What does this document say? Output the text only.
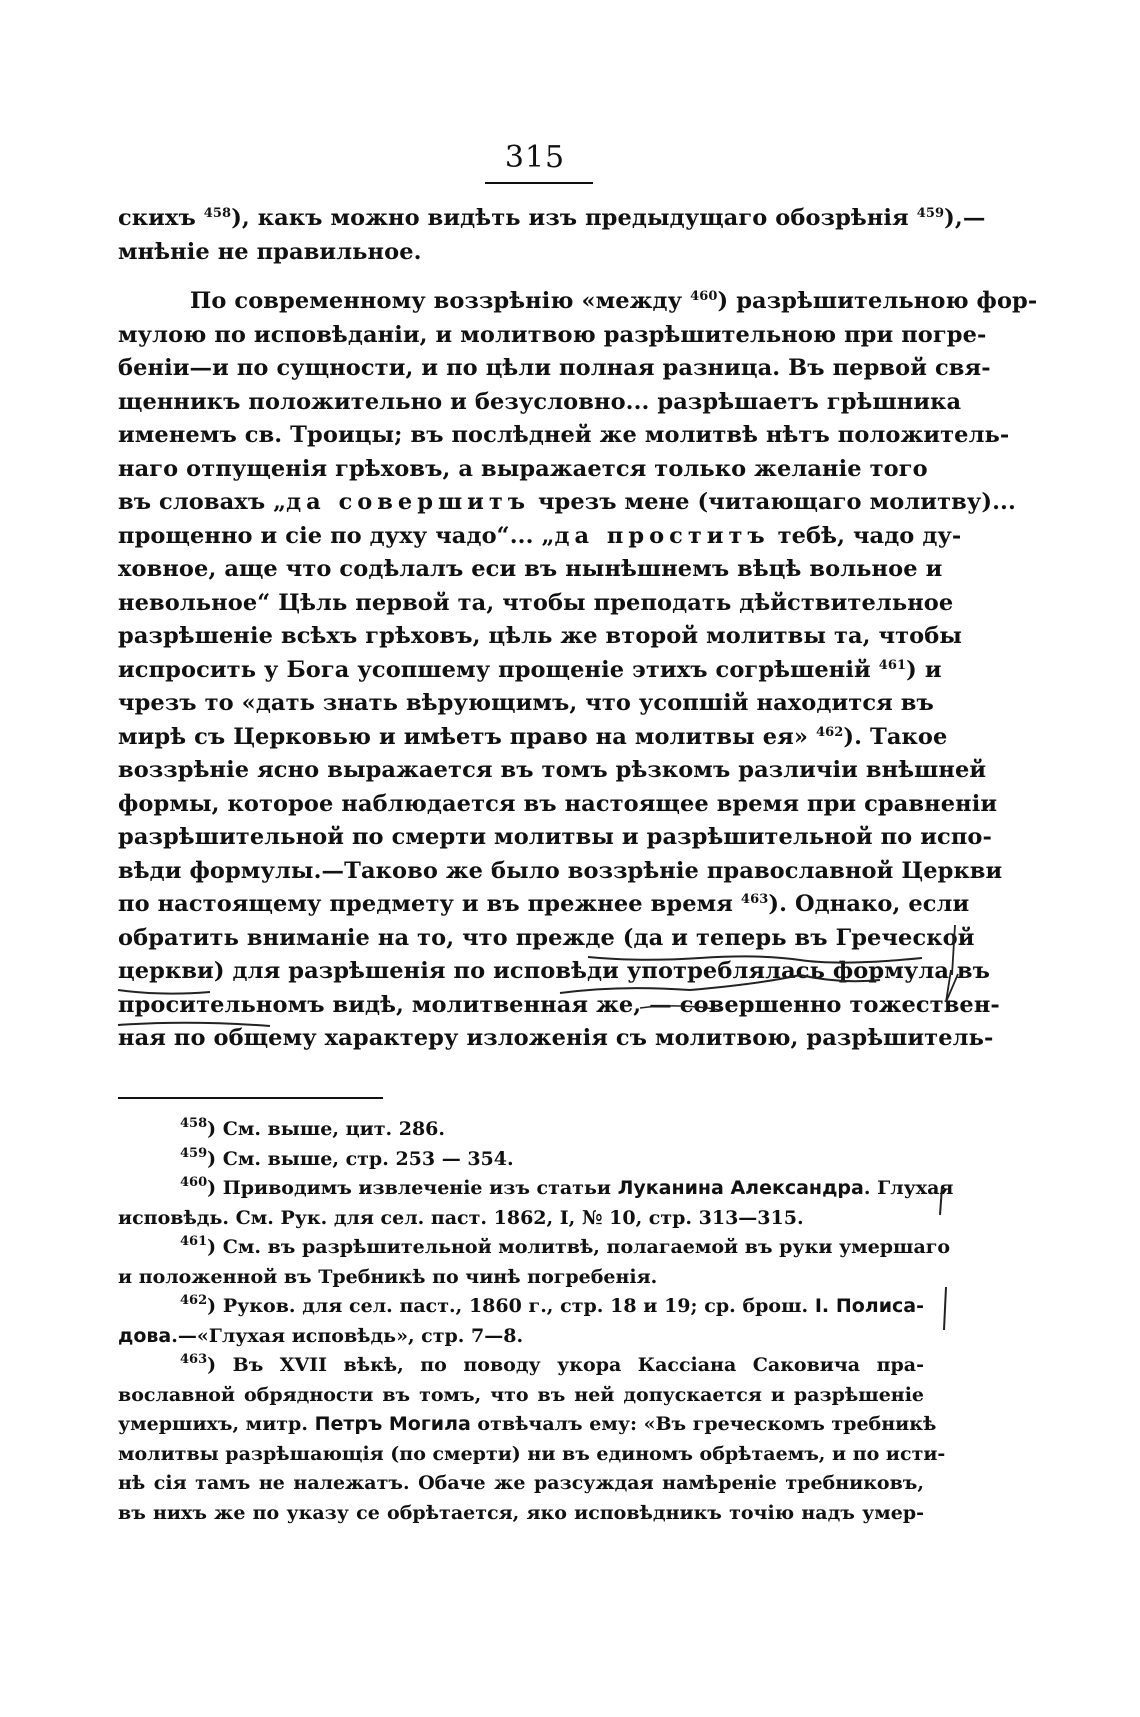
315
скихъ $^{458}$), какъ можно видѣть изъ предыдущаго обозрѣнія $^{459}$),—
мнѣніе не правильное.
По современному воззрѣнію «между $^{460}$) разрѣшительною фор-
мулою по исповѣданіи, и молитвою разрѣшительною при погре-
беніи—и по сущности, и по цѣли полная разница. Въ первой свя-
щенникъ положительно и безусловно... разрѣшаетъ грѣшника
именемъ св. Троицы; въ послѣдней же молитвѣ нѣтъ положитель-
наго отпущенія грѣховъ, а выражается только желаніе того
въ словахъ „да совершитъ чрезъ мене (читающаго молитву)...
прощенно и сіе по духу чадо“... „да проститъ тебѣ, чадо ду-
ховное, аще что содѣлалъ еси въ нынѣшнемъ вѣцѣ вольное и
невольное“ Цѣль первой та, чтобы преподать дѣйствительное
разрѣшеніе всѣхъ грѣховъ, цѣль же второй молитвы та, чтобы
испросить у Бога усопшему прощеніе этихъ согрѣшеній $^{461}$) и
чрезъ то «дать знать вѣрующимъ, что усопшій находится въ
мирѣ съ Церковью и имѣетъ право на молитвы ея» $^{462}$). Такое
воззрѣніе ясно выражается въ томъ рѣзкомъ различіи внѣшней
формы, которое наблюдается въ настоящее время при сравненіи
разрѣшительной по смерти молитвы и разрѣшительной по испо-
вѣди формулы.—Таково же было воззрѣніе православной Церкви
по настоящему предмету и въ прежнее время $^{463}$). Однако, если
обратить вниманіе на то, что прежде (да и теперь въ Греческой
церкви) для разрѣшенія по исповѣди употреблялась формула въ
просительномъ видѣ, молитвенная же, — совершенно тожествен-
ная по общему характеру изложенія съ молитвою, разрѣшитель-
$^{458}$) См. выше, цит. 286.
$^{459}$) См. выше, стр. 253 — 354.
$^{460}$) Приводимъ извлеченіе изъ статьи Луканина Александра. Глухая
исповѣдь. См. Рук. для сел. паст. 1862, I, № 10, стр. 313—315.
$^{461}$) См. въ разрѣшительной молитвѣ, полагаемой въ руки умершаго
и положенной въ Требникѣ по чинѣ погребенія.
$^{462}$) Руков. для сел. паст., 1860 г., стр. 18 и 19; ср. брош. I. Полиса-
дова.—«Глухая исповѣдь», стр. 7—8.
$^{463}$) Въ XVII вѣкѣ, по поводу укора Кассіана Саковича пра-
вославной обрядности въ томъ, что въ ней допускается и разрѣшеніе
умершихъ, митр. Петръ Могила отвѣчалъ ему: «Въ греческомъ требникѣ
молитвы разрѣшающія (по смерти) ни въ единомъ обрѣтаемъ, и по исти-
нѣ сія тамъ не належатъ. Обаче же разсуждая намѣреніе требниковъ,
въ нихъ же по указу се обрѣтается, яко исповѣдникъ точію надъ умер-
